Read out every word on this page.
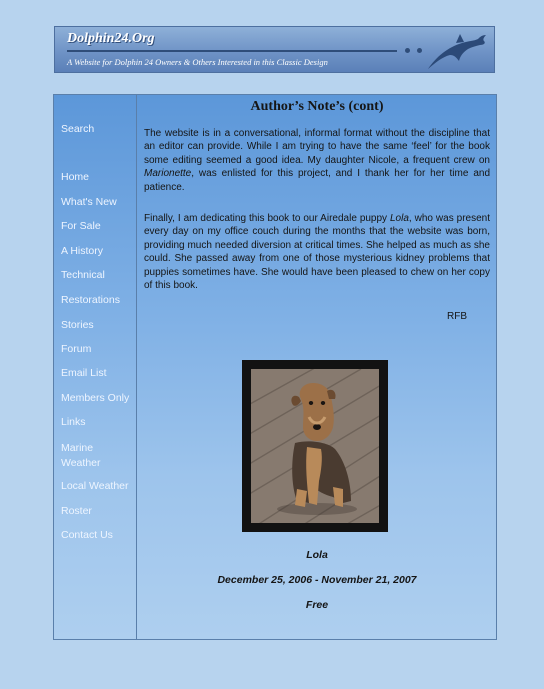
Dolphin24.Org
A Website for Dolphin 24 Owners & Others Interested in this Classic Design
Search
Home
What's New
For Sale
A History
Technical
Restorations
Stories
Forum
Email List
Members Only
Links
Marine Weather
Local Weather
Roster
Contact Us
Author’s Note’s (cont)

The website is in a conversational, informal format without the discipline that an editor can provide. While I am trying to have the same ‘feel’ for the book some editing seemed a good idea. My daughter Nicole, a frequent crew on Marionette, was enlisted for this project, and I thank her for her time and patience.

Finally, I am dedicating this book to our Airedale puppy Lola, who was present every day on my office couch during the months that the website was born, providing much needed diversion at critical times. She helped as much as she could. She passed away from one of those mysterious kidney problems that puppies sometimes have. She would have been pleased to chew on her copy of this book.

RFB
Lola
December 25, 2006 - November 21, 2007
Free
